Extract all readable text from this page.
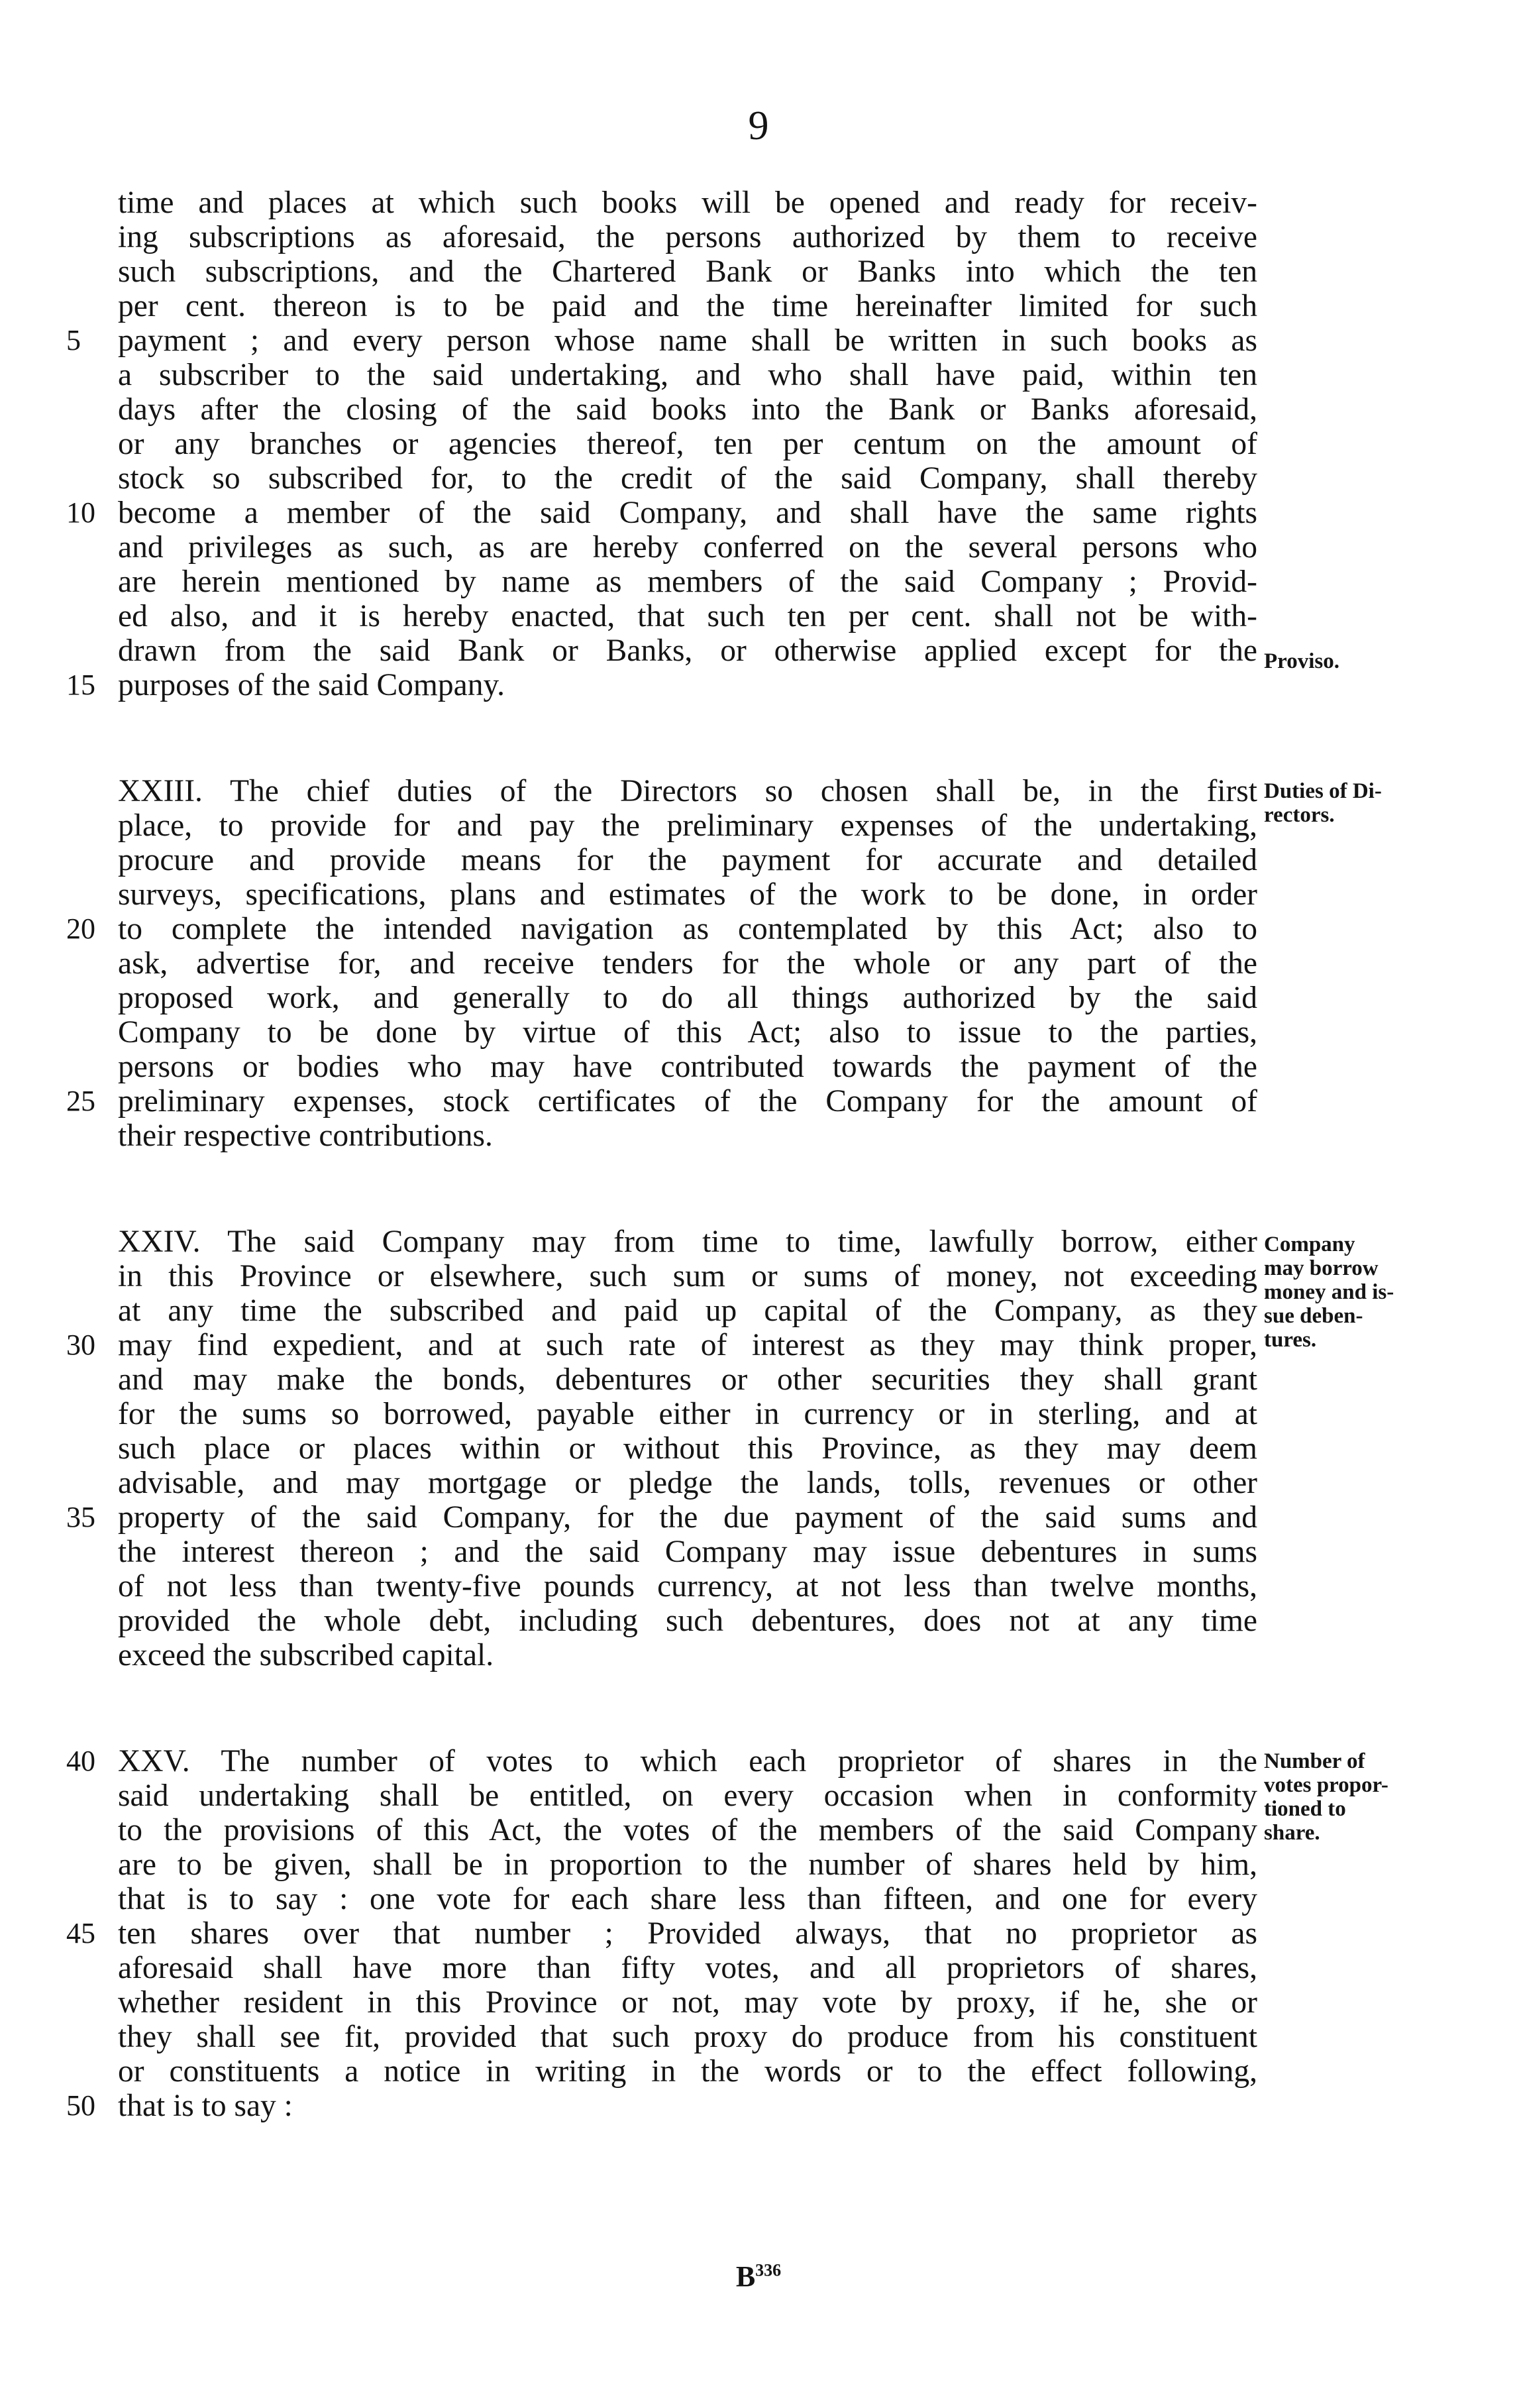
9
time and places at which such books will be opened and ready for receiv-
ing subscriptions as aforesaid, the persons authorized by them to receive
such subscriptions, and the Chartered Bank or Banks into which the ten
per cent. thereon is to be paid and the time hereinafter limited for such
payment ; and every person whose name shall be written in such books as
5
a subscriber to the said undertaking, and who shall have paid, within ten
days after the closing of the said books into the Bank or Banks aforesaid,
or any branches or agencies thereof, ten per centum on the amount of
stock so subscribed for, to the credit of the said Company, shall thereby
become a member of the said Company, and shall have the same rights
10
and privileges as such, as are hereby conferred on the several persons who
are herein mentioned by name as members of the said Company ; Provid-
ed also, and it is hereby enacted, that such ten per cent. shall not be with-
drawn from the said Bank or Banks, or otherwise applied except for the
purposes of the said Company.
15
XXIII. The chief duties of the Directors so chosen shall be, in the first
place, to provide for and pay the preliminary expenses of the undertaking,
procure and provide means for the payment for accurate and detailed
surveys, specifications, plans and estimates of the work to be done, in order
to complete the intended navigation as contemplated by this Act; also to
20
ask, advertise for, and receive tenders for the whole or any part of the
proposed work, and generally to do all things authorized by the said
Company to be done by virtue of this Act; also to issue to the parties,
persons or bodies who may have contributed towards the payment of the
preliminary expenses, stock certificates of the Company for the amount of
25
their respective contributions.
XXIV. The said Company may from time to time, lawfully borrow, either
in this Province or elsewhere, such sum or sums of money, not exceeding
at any time the subscribed and paid up capital of the Company, as they
may find expedient, and at such rate of interest as they may think proper,
30
and may make the bonds, debentures or other securities they shall grant
for the sums so borrowed, payable either in currency or in sterling, and at
such place or places within or without this Province, as they may deem
advisable, and may mortgage or pledge the lands, tolls, revenues or other
property of the said Company, for the due payment of the said sums and
35
the interest thereon ; and the said Company may issue debentures in sums
of not less than twenty-five pounds currency, at not less than twelve months,
provided the whole debt, including such debentures, does not at any time
exceed the subscribed capital.
XXV. The number of votes to which each proprietor of shares in the
40
said undertaking shall be entitled, on every occasion when in conformity
to the provisions of this Act, the votes of the members of the said Company
are to be given, shall be in proportion to the number of shares held by him,
that is to say : one vote for each share less than fifteen, and one for every
ten shares over that number ; Provided always, that no proprietor as
45
aforesaid shall have more than fifty votes, and all proprietors of shares,
whether resident in this Province or not, may vote by proxy, if he, she or
they shall see fit, provided that such proxy do produce from his constituent
or constituents a notice in writing in the words or to the effect following,
that is to say :
50
Proviso.
Duties of Di-
rectors.
Company
may borrow
money and is-
sue deben-
tures.
Number of
votes propor-
tioned to
share.
$B^{336}$
